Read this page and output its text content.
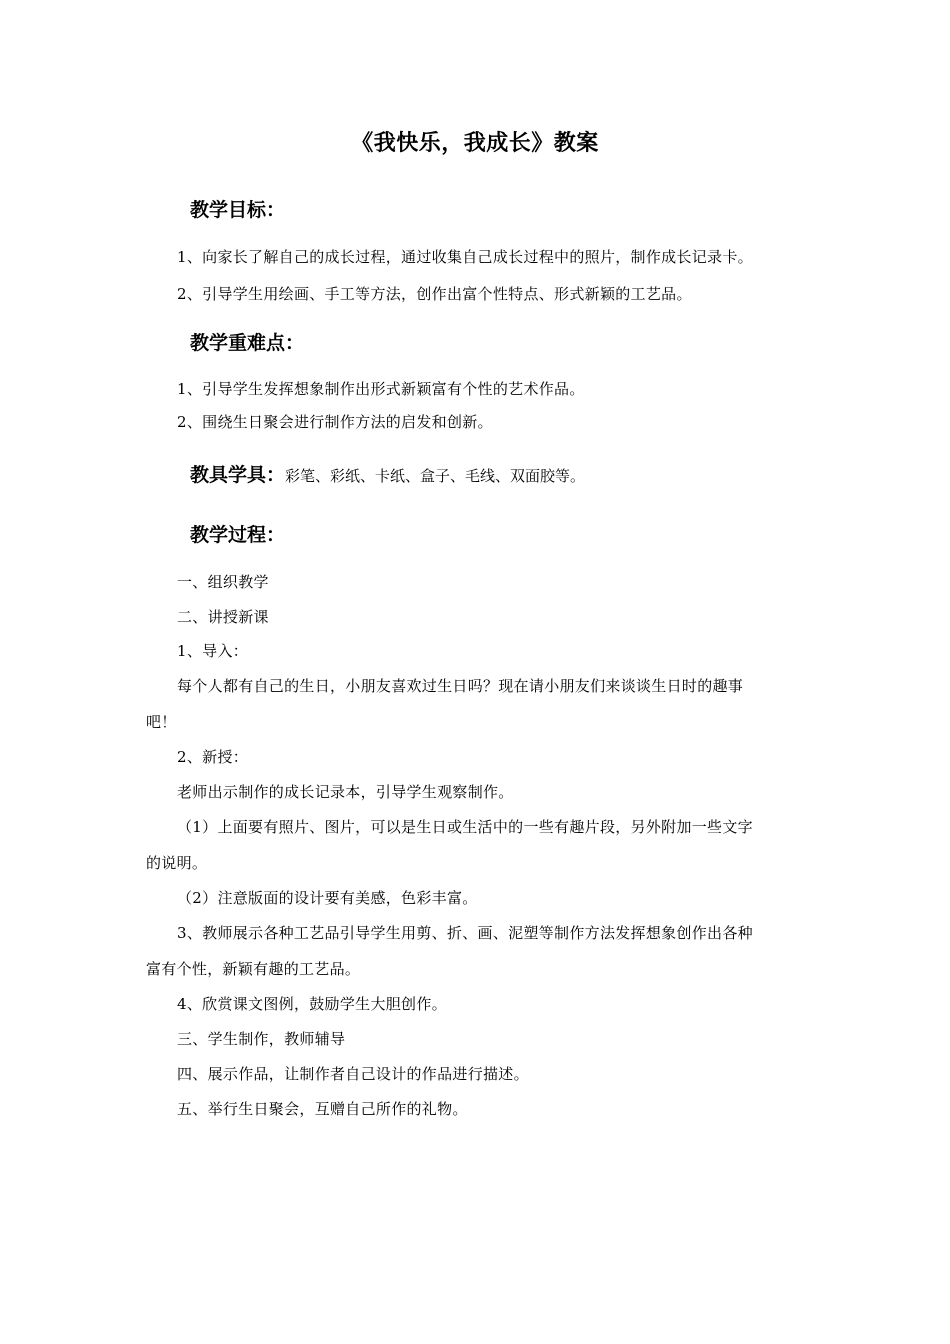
《我快乐，我成长》教案
教学目标：
1、向家长了解自己的成长过程，通过收集自己成长过程中的照片，制作成长记录卡。
2、引导学生用绘画、手工等方法，创作出富个性特点、形式新颖的工艺品。
教学重难点：
1、引导学生发挥想象制作出形式新颖富有个性的艺术作品。
2、围绕生日聚会进行制作方法的启发和创新。
教具学具：彩笔、彩纸、卡纸、盒子、毛线、双面胶等。
教学过程：
一、组织教学
二、讲授新课
1、导入：
每个人都有自己的生日，小朋友喜欢过生日吗？现在请小朋友们来谈谈生日时的趣事
吧！
2、新授：
老师出示制作的成长记录本，引导学生观察制作。
（1）上面要有照片、图片，可以是生日或生活中的一些有趣片段，另外附加一些文字
的说明。
（2）注意版面的设计要有美感，色彩丰富。
3、教师展示各种工艺品引导学生用剪、折、画、泥塑等制作方法发挥想象创作出各种
富有个性，新颖有趣的工艺品。
4、欣赏课文图例，鼓励学生大胆创作。
三、学生制作，教师辅导
四、展示作品，让制作者自己设计的作品进行描述。
五、举行生日聚会，互赠自己所作的礼物。
